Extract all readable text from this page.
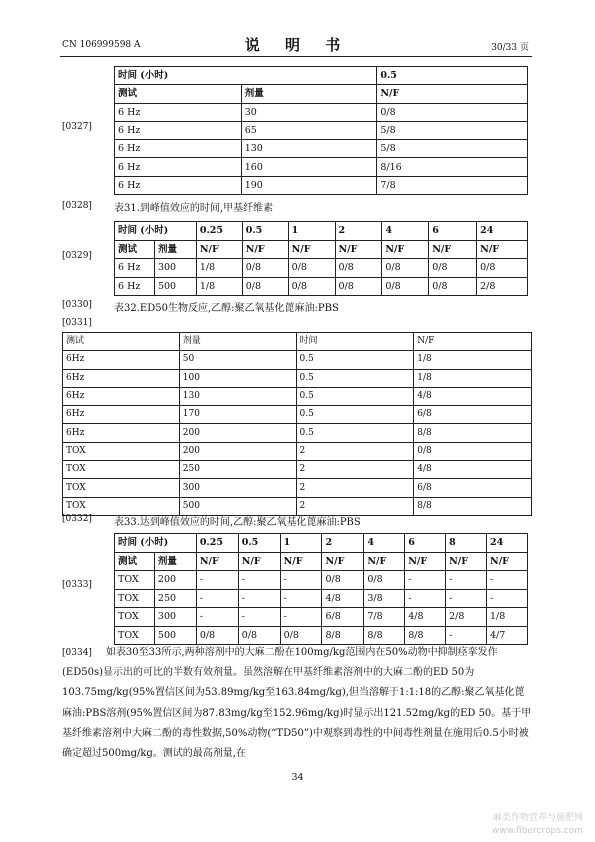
CN 106999598 A	说 明 书	30/33 页
[0327]
时间 (小时)		0.5
测试	剂量	N/F
6 Hz	30	0/8
6 Hz	65	5/8
6 Hz	130	5/8
6 Hz	160	8/16
6 Hz	190	7/8
[0328] 表31.到峰值效应的时间,甲基纤维素
[0329]
时间 (小时)		0.25	0.5	1	2	4	6	24
测试	剂量	N/F	N/F	N/F	N/F	N/F	N/F	N/F
6 Hz	300	1/8	0/8	0/8	0/8	0/8	0/8	0/8
6 Hz	500	1/8	0/8	0/8	0/8	0/8	0/8	2/8
[0330] 表32.ED50生物反应,乙醇:聚乙氧基化蓖麻油:PBS
[0331]
测试	剂量	时间	N/F
6Hz	50	0.5	1/8
6Hz	100	0.5	1/8
6Hz	130	0.5	4/8
6Hz	170	0.5	6/8
6Hz	200	0.5	8/8
TOX	200	2	0/8
TOX	250	2	4/8
TOX	300	2	6/8
TOX	500	2	8/8
[0332] 表33.达到峰值效应的时间,乙醇:聚乙氧基化蓖麻油:PBS
[0333]
时间 (小时)		0.25	0.5	1	2	4	6	8	24
测试	剂量	N/F	N/F	N/F	N/F	N/F	N/F	N/F	N/F
TOX	200	-	-	-	0/8	0/8	-	-	-
TOX	250	-	-	-	4/8	3/8	-	-	-
TOX	300	-	-	-	6/8	7/8	4/8	2/8	1/8
TOX	500	0/8	0/8	0/8	8/8	8/8	8/8	-	4/7
[0334] 如表30至33所示,两种溶剂中的大麻二酚在100mg/kg范围内在50%动物中抑制痉挛发作(ED50s)显示出的可比的半数有效剂量。虽然溶解在甲基纤维素溶剂中的大麻二酚的ED 50为103.75mg/kg(95%置信区间为53.89mg/kg至163.84mg/kg),但当溶解于1:1:18的乙醇:聚乙氧基化蓖麻油:PBS溶剂(95%置信区间为87.83mg/kg至152.96mg/kg)时显示出121.52mg/kg的ED 50。基于甲基纤维素溶剂中大麻二酚的毒性数据,50%动物(“TD50”)中观察到毒性的中间毒性剂量在施用后0.5小时被确定超过500mg/kg。测试的最高剂量,在
34
麻类作物营养与施肥网
www.fibercrops.com
